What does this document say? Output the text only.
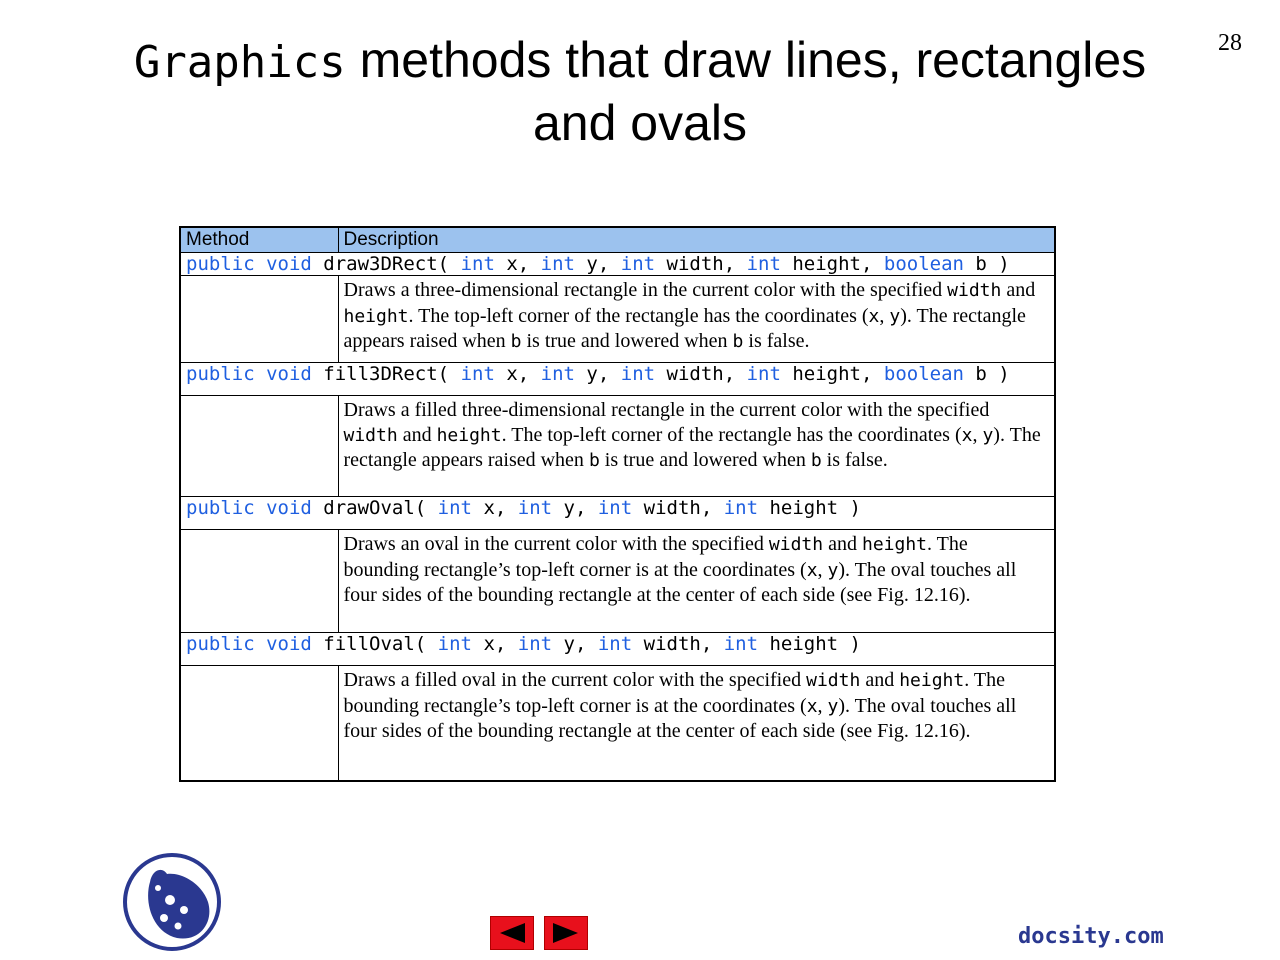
28
Graphics methods that draw lines, rectangles
and ovals
Method	Description
public void draw3DRect( int x, int y, int width, int height, boolean b )	
	Draws a three-dimensional rectangle in the current color with the specified width and height. The top-left corner of the rectangle has the coordinates (x, y). The rectangle appears raised when b is true and lowered when b is false.
public void fill3DRect( int x, int y, int width, int height, boolean b )	
	Draws a filled three-dimensional rectangle in the current color with the specified width and height. The top-left corner of the rectangle has the coordinates (x, y). The rectangle appears raised when b is true and lowered when b is false.
public void drawOval( int x, int y, int width, int height )	
	Draws an oval in the current color with the specified width and height. The bounding rectangle’s top-left corner is at the coordinates (x, y). The oval touches all four sides of the bounding rectangle at the center of each side (see Fig. 12.16).
public void fillOval( int x, int y, int width, int height )	
	Draws a filled oval in the current color with the specified width and height. The bounding rectangle’s top-left corner is at the coordinates (x, y). The oval touches all four sides of the bounding rectangle at the center of each side (see Fig. 12.16).
docsity.com
